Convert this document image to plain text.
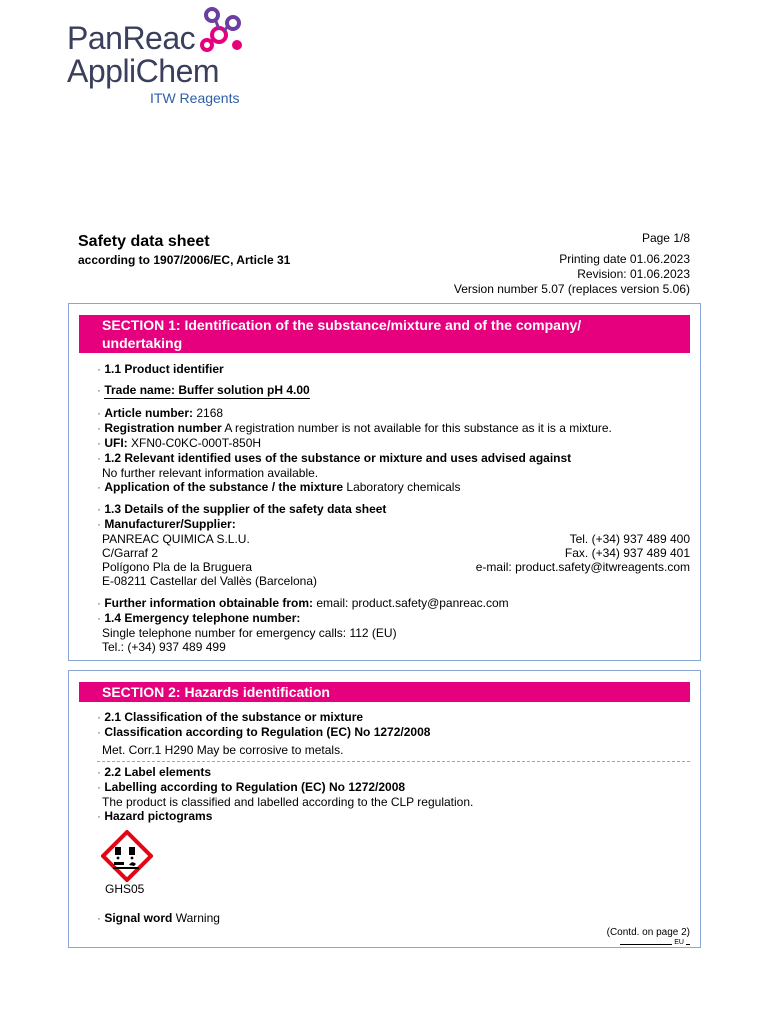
PanReac
AppliChem
ITW Reagents
Safety data sheet
according to 1907/2006/EC, Article 31
Page 1/8
Printing date 01.06.2023
Revision: 01.06.2023
Version number 5.07 (replaces version 5.06)
SECTION 1: Identification of the substance/mixture and of the company/
undertaking
· 1.1 Product identifier
· Trade name: Buffer solution pH 4.00
· Article number: 2168
· Registration number A registration number is not available for this substance as it is a mixture.
· UFI: XFN0-C0KC-000T-850H
· 1.2 Relevant identified uses of the substance or mixture and uses advised against
No further relevant information available.
· Application of the substance / the mixture Laboratory chemicals
· 1.3 Details of the supplier of the safety data sheet
· Manufacturer/Supplier:
PANREAC QUIMICA S.L.U.
C/Garraf 2
Polígono Pla de la Bruguera
E-08211 Castellar del Vallès (Barcelona)
Tel. (+34) 937 489 400
Fax. (+34) 937 489 401
e-mail: product.safety@itwreagents.com
· Further information obtainable from: email: product.safety@panreac.com
· 1.4 Emergency telephone number:
Single telephone number for emergency calls: 112 (EU)
Tel.: (+34) 937 489 499
SECTION 2: Hazards identification
· 2.1 Classification of the substance or mixture
· Classification according to Regulation (EC) No 1272/2008
Met. Corr.1 H290 May be corrosive to metals.
· 2.2 Label elements
· Labelling according to Regulation (EC) No 1272/2008
The product is classified and labelled according to the CLP regulation.
· Hazard pictograms
GHS05
· Signal word Warning
(Contd. on page 2)
EU
